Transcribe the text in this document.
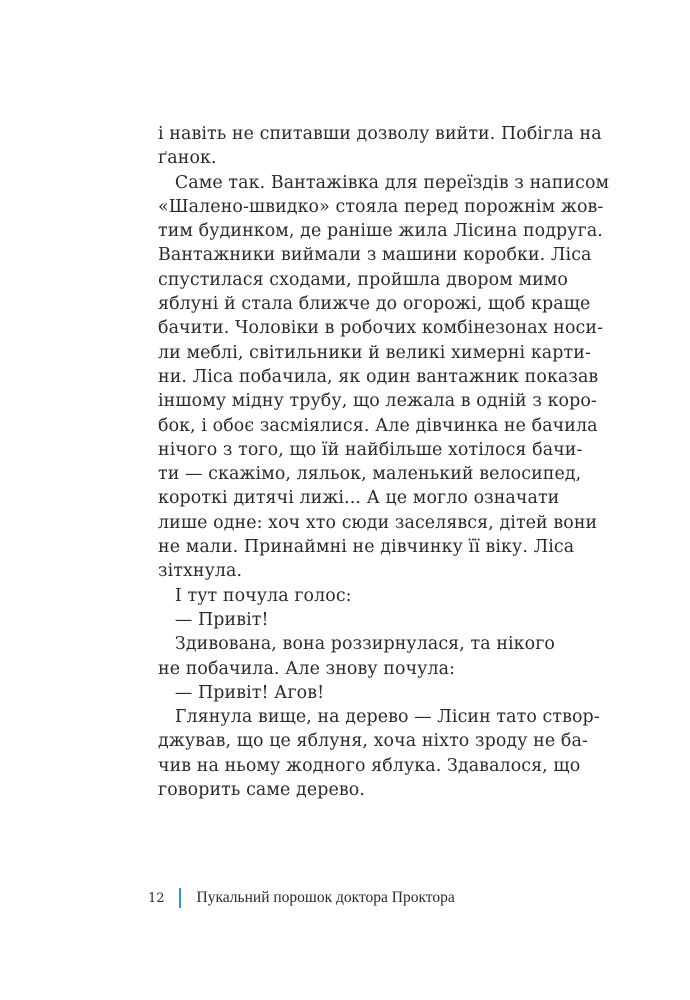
і навіть не спитавши дозволу вийти. Побігла на
ґанок.
Саме так. Вантажівка для переїздів з написом
«Шалено-швидко» стояла перед порожнім жов-
тим будинком, де раніше жила Лісина подруга.
Вантажники виймали з машини коробки. Ліса
спустилася сходами, пройшла двором мимо
яблуні й стала ближче до огорожі, щоб краще
бачити. Чоловіки в робочих комбінезонах носи-
ли меблі, світильники й великі химерні карти-
ни. Ліса побачила, як один вантажник показав
іншому мідну трубу, що лежала в одній з коро-
бок, і обоє засміялися. Але дівчинка не бачила
нічого з того, що їй найбільше хотілося бачи-
ти — скажімо, ляльок, маленький велосипед,
короткі дитячі лижі... А це могло означати
лише одне: хоч хто сюди заселявся, дітей вони
не мали. Принаймні не дівчинку її віку. Ліса
зітхнула.
І тут почула голос:
— Привіт!
Здивована, вона роззирнулася, та нікого
не побачила. Але знову почула:
— Привіт! Агов!
Глянула вище, на дерево — Лісин тато створ-
джував, що це яблуня, хоча ніхто зроду не ба-
чив на ньому жодного яблука. Здавалося, що
говорить саме дерево.
12 Пукальний порошок доктора Проктора
